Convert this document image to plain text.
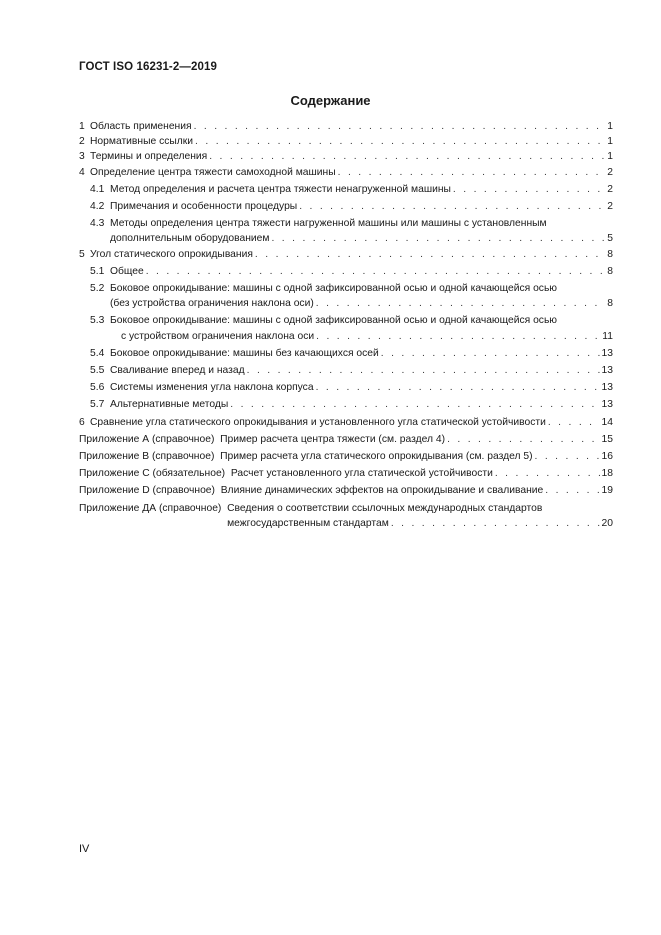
ГОСТ ISO 16231-2—2019
Содержание
1 Область применения . . .	1
2 Нормативные ссылки . . .	1
3 Термины и определения . . .	1
4 Определение центра тяжести самоходной машины . . .	2
4.1 Метод определения и расчета центра тяжести ненагруженной машины . . .	2
4.2 Примечания и особенности процедуры . . .	2
4.3 Методы определения центра тяжести нагруженной машины или машины с установленным
дополнительным оборудованием . . .	5
5 Угол статического опрокидывания . . .	8
5.1 Общее . . .	8
5.2 Боковое опрокидывание: машины с одной зафиксированной осью и одной качающейся осью
(без устройства ограничения наклона оси) . . .	8
5.3 Боковое опрокидывание: машины с одной зафиксированной осью и одной качающейся осью
с устройством ограничения наклона оси . . .	11
5.4 Боковое опрокидывание: машины без качающихся осей . . .	13
5.5 Сваливание вперед и назад . . .	13
5.6 Системы изменения угла наклона корпуса . . .	13
5.7 Альтернативные методы . . .	13
6 Сравнение угла статического опрокидывания и установленного угла статической устойчивости . . .	14
Приложение А (справочное)
Пример расчета центра тяжести (см. раздел 4) . . .	15
Приложение В (справочное)
Пример расчета угла статического опрокидывания (см. раздел 5) . . .	16
Приложение С (обязательное)
Расчет установленного угла статической устойчивости . . .	18
Приложение D (справочное)
Влияние динамических эффектов на опрокидывание и сваливание . . .	19
Приложение ДА (справочное)
Сведения о соответствии ссылочных международных стандартов
межгосударственным стандартам . . .	20
IV
